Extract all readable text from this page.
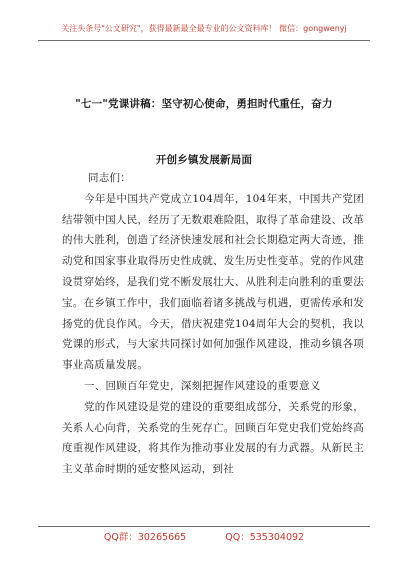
关注头条号"公文研究"，获得最新最全最专业的公文资料库！ 微信：gongwenyj
"七一"党课讲稿：坚守初心使命，勇担时代重任，奋力
开创乡镇发展新局面
同志们：

今年是中国共产党成立104周年，104年来，中国共产党团结带领中国人民，经历了无数艰难险阻，取得了革命建设、改革的伟大胜利，创造了经济快速发展和社会长期稳定两大奇迹，推动党和国家事业取得历史性成就、发生历史性变革。党的作风建设贯穿始终，是我们党不断发展壮大、从胜利走向胜利的重要法宝。在乡镇工作中，我们面临着诸多挑战与机遇，更需传承和发扬党的优良作风。今天，借庆祝建党104周年大会的契机，我以党课的形式，与大家共同探讨如何加强作风建设，推动乡镇各项事业高质量发展。

一、回顾百年党史，深刻把握作风建设的重要意义

党的作风建设是党的建设的重要组成部分，关系党的形象，关系人心向背，关系党的生死存亡。回顾百年党史我们党始终高度重视作风建设，将其作为推动事业发展的有力武器。从新民主主义革命时期的延安整风运动，到社

QQ群：30265665	QQ：535304092
